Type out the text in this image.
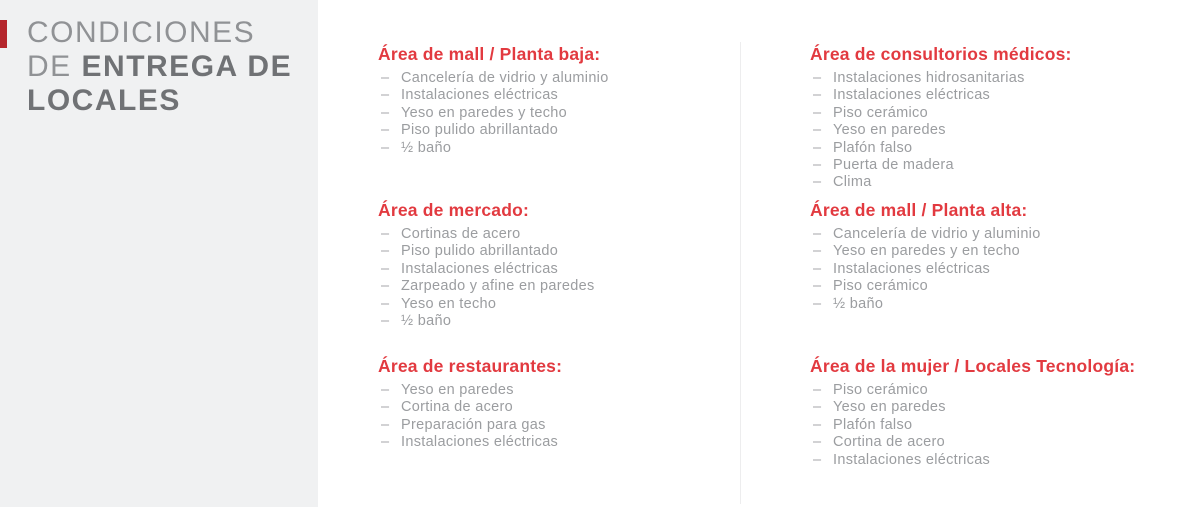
CONDICIONES
DE ENTREGA DE
LOCALES
Área de mall / Planta baja:
– Cancelería de vidrio y aluminio
– Instalaciones eléctricas
– Yeso en paredes y techo
– Piso pulido abrillantado
– ½ baño
Área de mercado:
– Cortinas de acero
– Piso pulido abrillantado
– Instalaciones eléctricas
– Zarpeado y afine en paredes
– Yeso en techo
– ½ baño
Área de restaurantes:
– Yeso en paredes
– Cortina de acero
– Preparación para gas
– Instalaciones eléctricas
Área de consultorios médicos:
– Instalaciones hidrosanitarias
– Instalaciones eléctricas
– Piso cerámico
– Yeso en paredes
– Plafón falso
– Puerta de madera
– Clima
Área de mall / Planta alta:
– Cancelería de vidrio y aluminio
– Yeso en paredes y en techo
– Instalaciones eléctricas
– Piso cerámico
– ½ baño
Área de la mujer / Locales Tecnología:
– Piso cerámico
– Yeso en paredes
– Plafón falso
– Cortina de acero
– Instalaciones eléctricas
